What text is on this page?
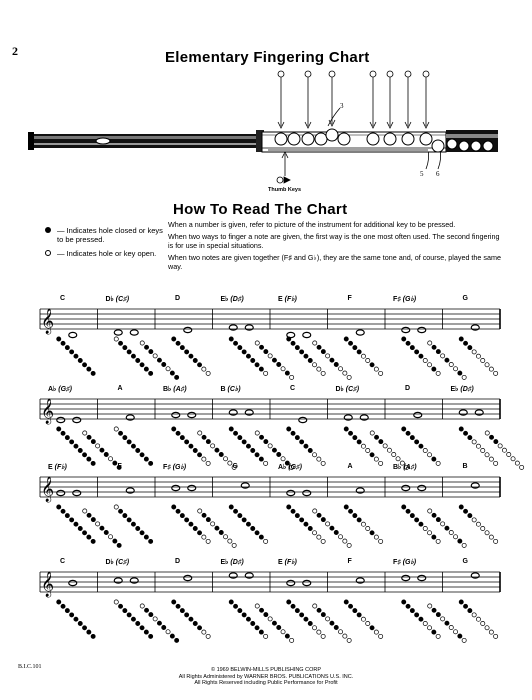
2	Elementary Fingering Chart
3
5 6
Thumb Keys
How To Read The Chart
— Indicates hole closed or keys to be pressed.
— Indicates hole or key open.

When a number is given, refer to picture of the instrument for additional key to be pressed.

When two ways to finger a note are given, the first way is the one most often used. The second fingering is for use in special situations.

When two notes are given together (F♯ and G♭), they are the same tone and, of course, played the same way.

C	D♭ (C♯)	D	E♭ (D♯)	E (F♭)	F	F♯ (G♭)	G
𝄞
A♭ (G♯)	A	B♭ (A♯)	B (C♭)	C	D♭ (C♯)	D	E♭ (D♯)
𝄞
E (F♭)	F	F♯ (G♭)	G	A♭ (G♯)	A	B♭ (A♯)	B
𝄞
C	D♭ (C♯)	D	E♭ (D♯)	E (F♭)	F	F♯ (G♭)	G
𝄞
B.I.C.101	© 1969 BELWIN-MILLS PUBLISHING CORP
All Rights Administered by WARNER BROS. PUBLICATIONS U.S. INC.
All Rights Reserved including Public Performance for Profit
